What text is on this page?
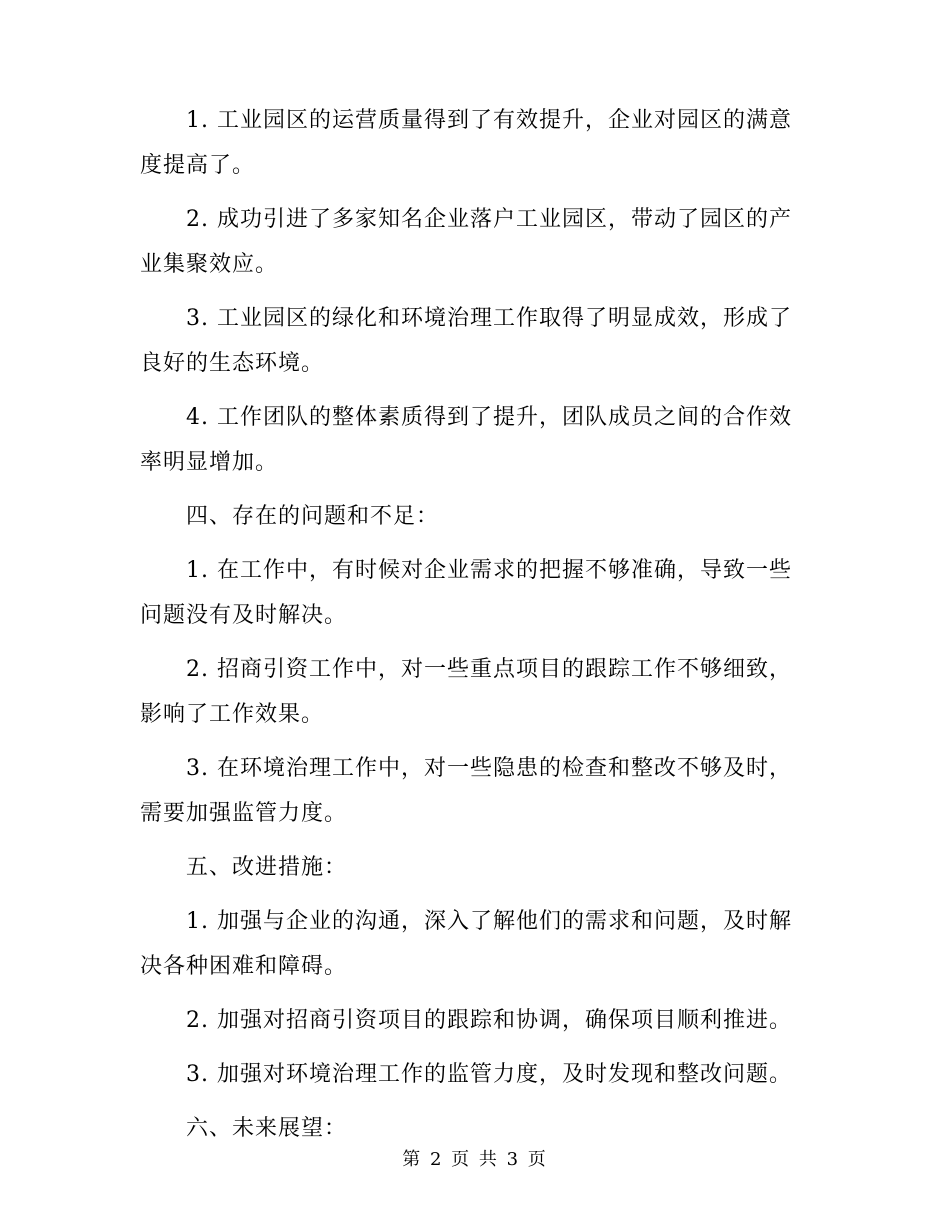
1. 工业园区的运营质量得到了有效提升，企业对园区的满意度提高了。

2. 成功引进了多家知名企业落户工业园区，带动了园区的产业集聚效应。

3. 工业园区的绿化和环境治理工作取得了明显成效，形成了良好的生态环境。

4. 工作团队的整体素质得到了提升，团队成员之间的合作效率明显增加。

四、存在的问题和不足：

1. 在工作中，有时候对企业需求的把握不够准确，导致一些问题没有及时解决。

2. 招商引资工作中，对一些重点项目的跟踪工作不够细致，影响了工作效果。

3. 在环境治理工作中，对一些隐患的检查和整改不够及时，需要加强监管力度。

五、改进措施：

1. 加强与企业的沟通，深入了解他们的需求和问题，及时解决各种困难和障碍。

2. 加强对招商引资项目的跟踪和协调，确保项目顺利推进。

3. 加强对环境治理工作的监管力度，及时发现和整改问题。

六、未来展望：

第 2 页 共 3 页
